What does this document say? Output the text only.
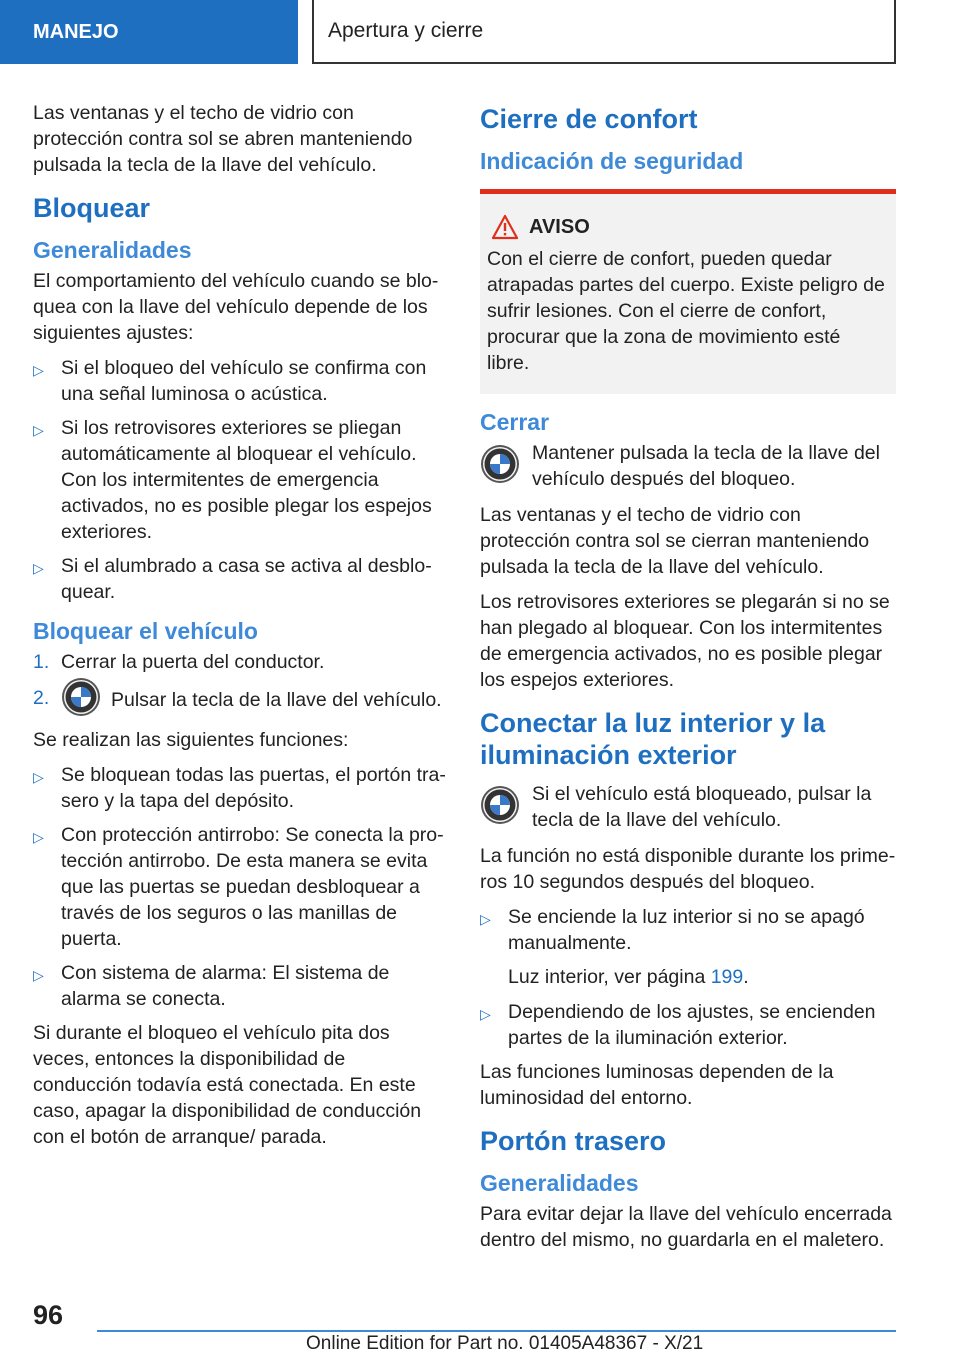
MANEJO	Apertura y cierre

Las ventanas y el techo de vidrio con protección contra sol se abren manteniendo pulsada la tecla de la llave del vehículo.

Bloquear
Generalidades

El comportamiento del vehículo cuando se bloquea con la llave del vehículo depende de los siguientes ajustes:

▷ Si el bloqueo del vehículo se confirma con una señal luminosa o acústica.
▷ Si los retrovisores exteriores se pliegan automáticamente al bloquear el vehículo. Con los intermitentes de emergencia activados, no es posible plegar los espejos exteriores.
▷ Si el alumbrado a casa se activa al desbloquear.
Bloquear el vehículo
1. Cerrar la puerta del conductor.
2.	Pulsar la tecla de la llave del vehículo.

Se realizan las siguientes funciones:

▷ Se bloquean todas las puertas, el portón trasero y la tapa del depósito.
▷ Con protección antirrobo: Se conecta la protección antirrobo. De esta manera se evita que las puertas se puedan desbloquear a través de los seguros o las manillas de puerta.
▷ Con sistema de alarma: El sistema de alarma se conecta.

Si durante el bloqueo el vehículo pita dos veces, entonces la disponibilidad de conducción todavía está conectada. En este caso, apagar la disponibilidad de conducción con el botón de arranque/ parada.

Cierre de confort
Indicación de seguridad
AVISO

Con el cierre de confort, pueden quedar atrapadas partes del cuerpo. Existe peligro de sufrir lesiones. Con el cierre de confort, procurar que la zona de movimiento esté libre.

Cerrar

Mantener pulsada la tecla de la llave del vehículo después del bloqueo.

Las ventanas y el techo de vidrio con protección contra sol se cierran manteniendo pulsada la tecla de la llave del vehículo.

Los retrovisores exteriores se plegarán si no se han plegado al bloquear. Con los intermitentes de emergencia activados, no es posible plegar los espejos exteriores.

Conectar la luz interior y la iluminación exterior

Si el vehículo está bloqueado, pulsar la tecla de la llave del vehículo.

La función no está disponible durante los primeros 10 segundos después del bloqueo.

▷ Se enciende la luz interior si no se apagó manualmente.

Luz interior, ver página 199.

▷ Dependiendo de los ajustes, se encienden partes de la iluminación exterior.

Las funciones luminosas dependen de la luminosidad del entorno.

Portón trasero
Generalidades

Para evitar dejar la llave del vehículo encerrada dentro del mismo, no guardarla en el maletero.

96
Online Edition for Part no. 01405A48367 - X/21
